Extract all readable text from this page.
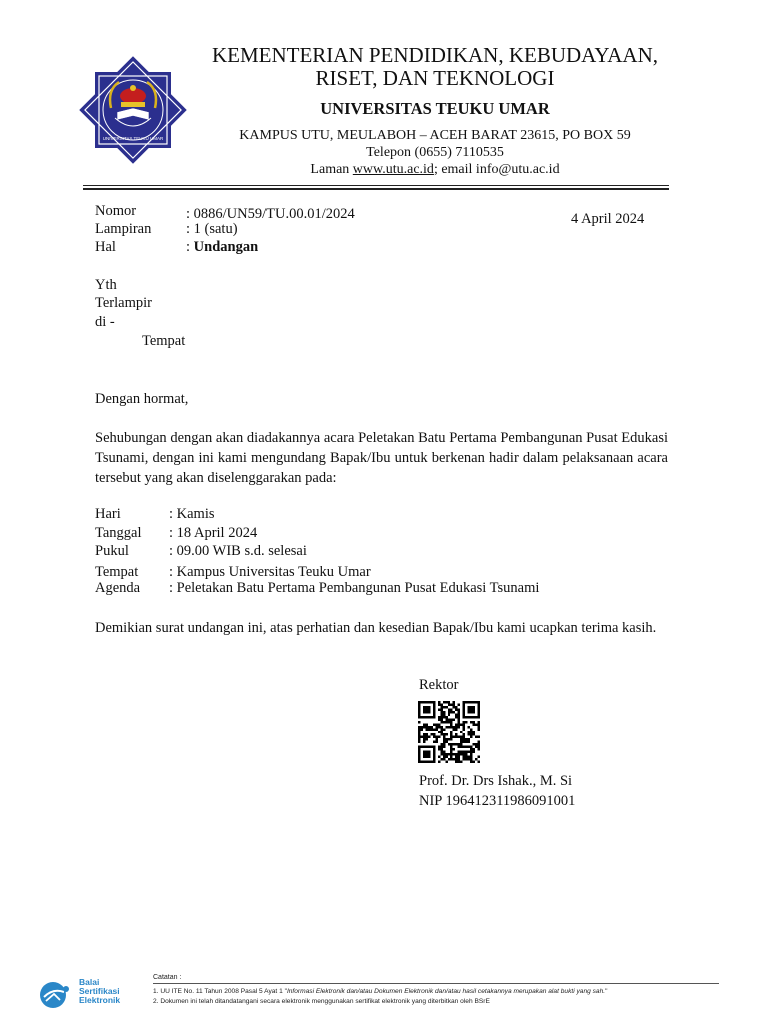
UNIVERSITAS TEUKU UMAR
KEMENTERIAN PENDIDIKAN, KEBUDAYAAN,
RISET, DAN TEKNOLOGI
UNIVERSITAS TEUKU UMAR
KAMPUS UTU, MEULABOH – ACEH BARAT 23615, PO BOX 59
Telepon (0655) 7110535
Laman www.utu.ac.id; email info@utu.ac.id
Nomor	: 0886/UN59/TU.00.01/2024
Lampiran : 1 (satu)
Hal	: Undangan
4 April 2024
Yth
Terlampir
di -
Tempat
Dengan hormat,
Sehubungan dengan akan diadakannya acara Peletakan Batu Pertama Pembangunan Pusat Edukasi Tsunami, dengan ini kami mengundang Bapak/Ibu untuk berkenan hadir dalam pelaksanaan acara tersebut yang akan diselenggarakan pada:
Hari	: Kamis
Tanggal : 18 April 2024
Pukul	: 09.00 WIB s.d. selesai
Tempat : Kampus Universitas Teuku Umar
Agenda : Peletakan Batu Pertama Pembangunan Pusat Edukasi Tsunami
Demikian surat undangan ini, atas perhatian dan kesedian Bapak/Ibu kami ucapkan terima kasih.
Rektor
Prof. Dr. Drs Ishak., M. Si
NIP 196412311986091001
Balai
Sertifikasi
Elektronik
Catatan :
1. UU ITE No. 11 Tahun 2008 Pasal 5 Ayat 1 "Informasi Elektronik dan/atau Dokumen Elektronik dan/atau hasil cetakannya merupakan alat bukti yang sah."
2. Dokumen ini telah ditandatangani secara elektronik menggunakan sertifikat elektronik yang diterbitkan oleh BSrE
